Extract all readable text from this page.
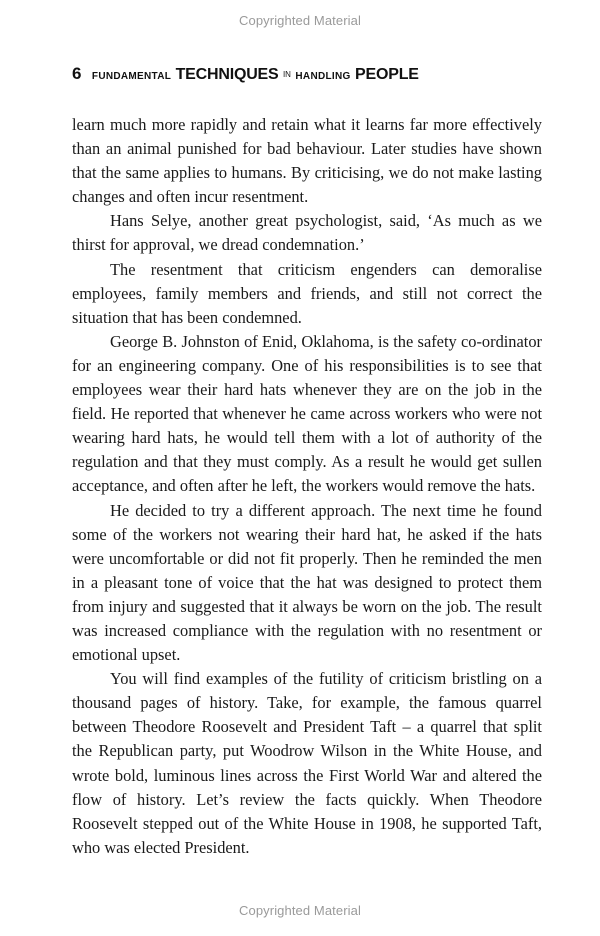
Copyrighted Material
6 FUNDAMENTAL TECHNIQUES IN HANDLING PEOPLE

learn much more rapidly and retain what it learns far more effectively than an animal punished for bad behaviour. Later studies have shown that the same applies to humans. By criticising, we do not make lasting changes and often incur resentment.

Hans Selye, another great psychologist, said, ‘As much as we thirst for approval, we dread condemnation.’

The resentment that criticism engenders can demoralise employees, family members and friends, and still not correct the situation that has been condemned.

George B. Johnston of Enid, Oklahoma, is the safety co-ordinator for an engineering company. One of his responsibilities is to see that employees wear their hard hats whenever they are on the job in the field. He reported that whenever he came across workers who were not wearing hard hats, he would tell them with a lot of authority of the regulation and that they must comply. As a result he would get sullen acceptance, and often after he left, the workers would remove the hats.

He decided to try a different approach. The next time he found some of the workers not wearing their hard hat, he asked if the hats were uncomfortable or did not fit properly. Then he reminded the men in a pleasant tone of voice that the hat was designed to protect them from injury and suggested that it always be worn on the job. The result was increased compliance with the regulation with no resentment or emotional upset.

You will find examples of the futility of criticism bristling on a thousand pages of history. Take, for example, the famous quarrel between Theodore Roosevelt and President Taft – a quarrel that split the Republican party, put Woodrow Wilson in the White House, and wrote bold, luminous lines across the First World War and altered the flow of history. Let’s review the facts quickly. When Theodore Roosevelt stepped out of the White House in 1908, he supported Taft, who was elected President.

Copyrighted Material
